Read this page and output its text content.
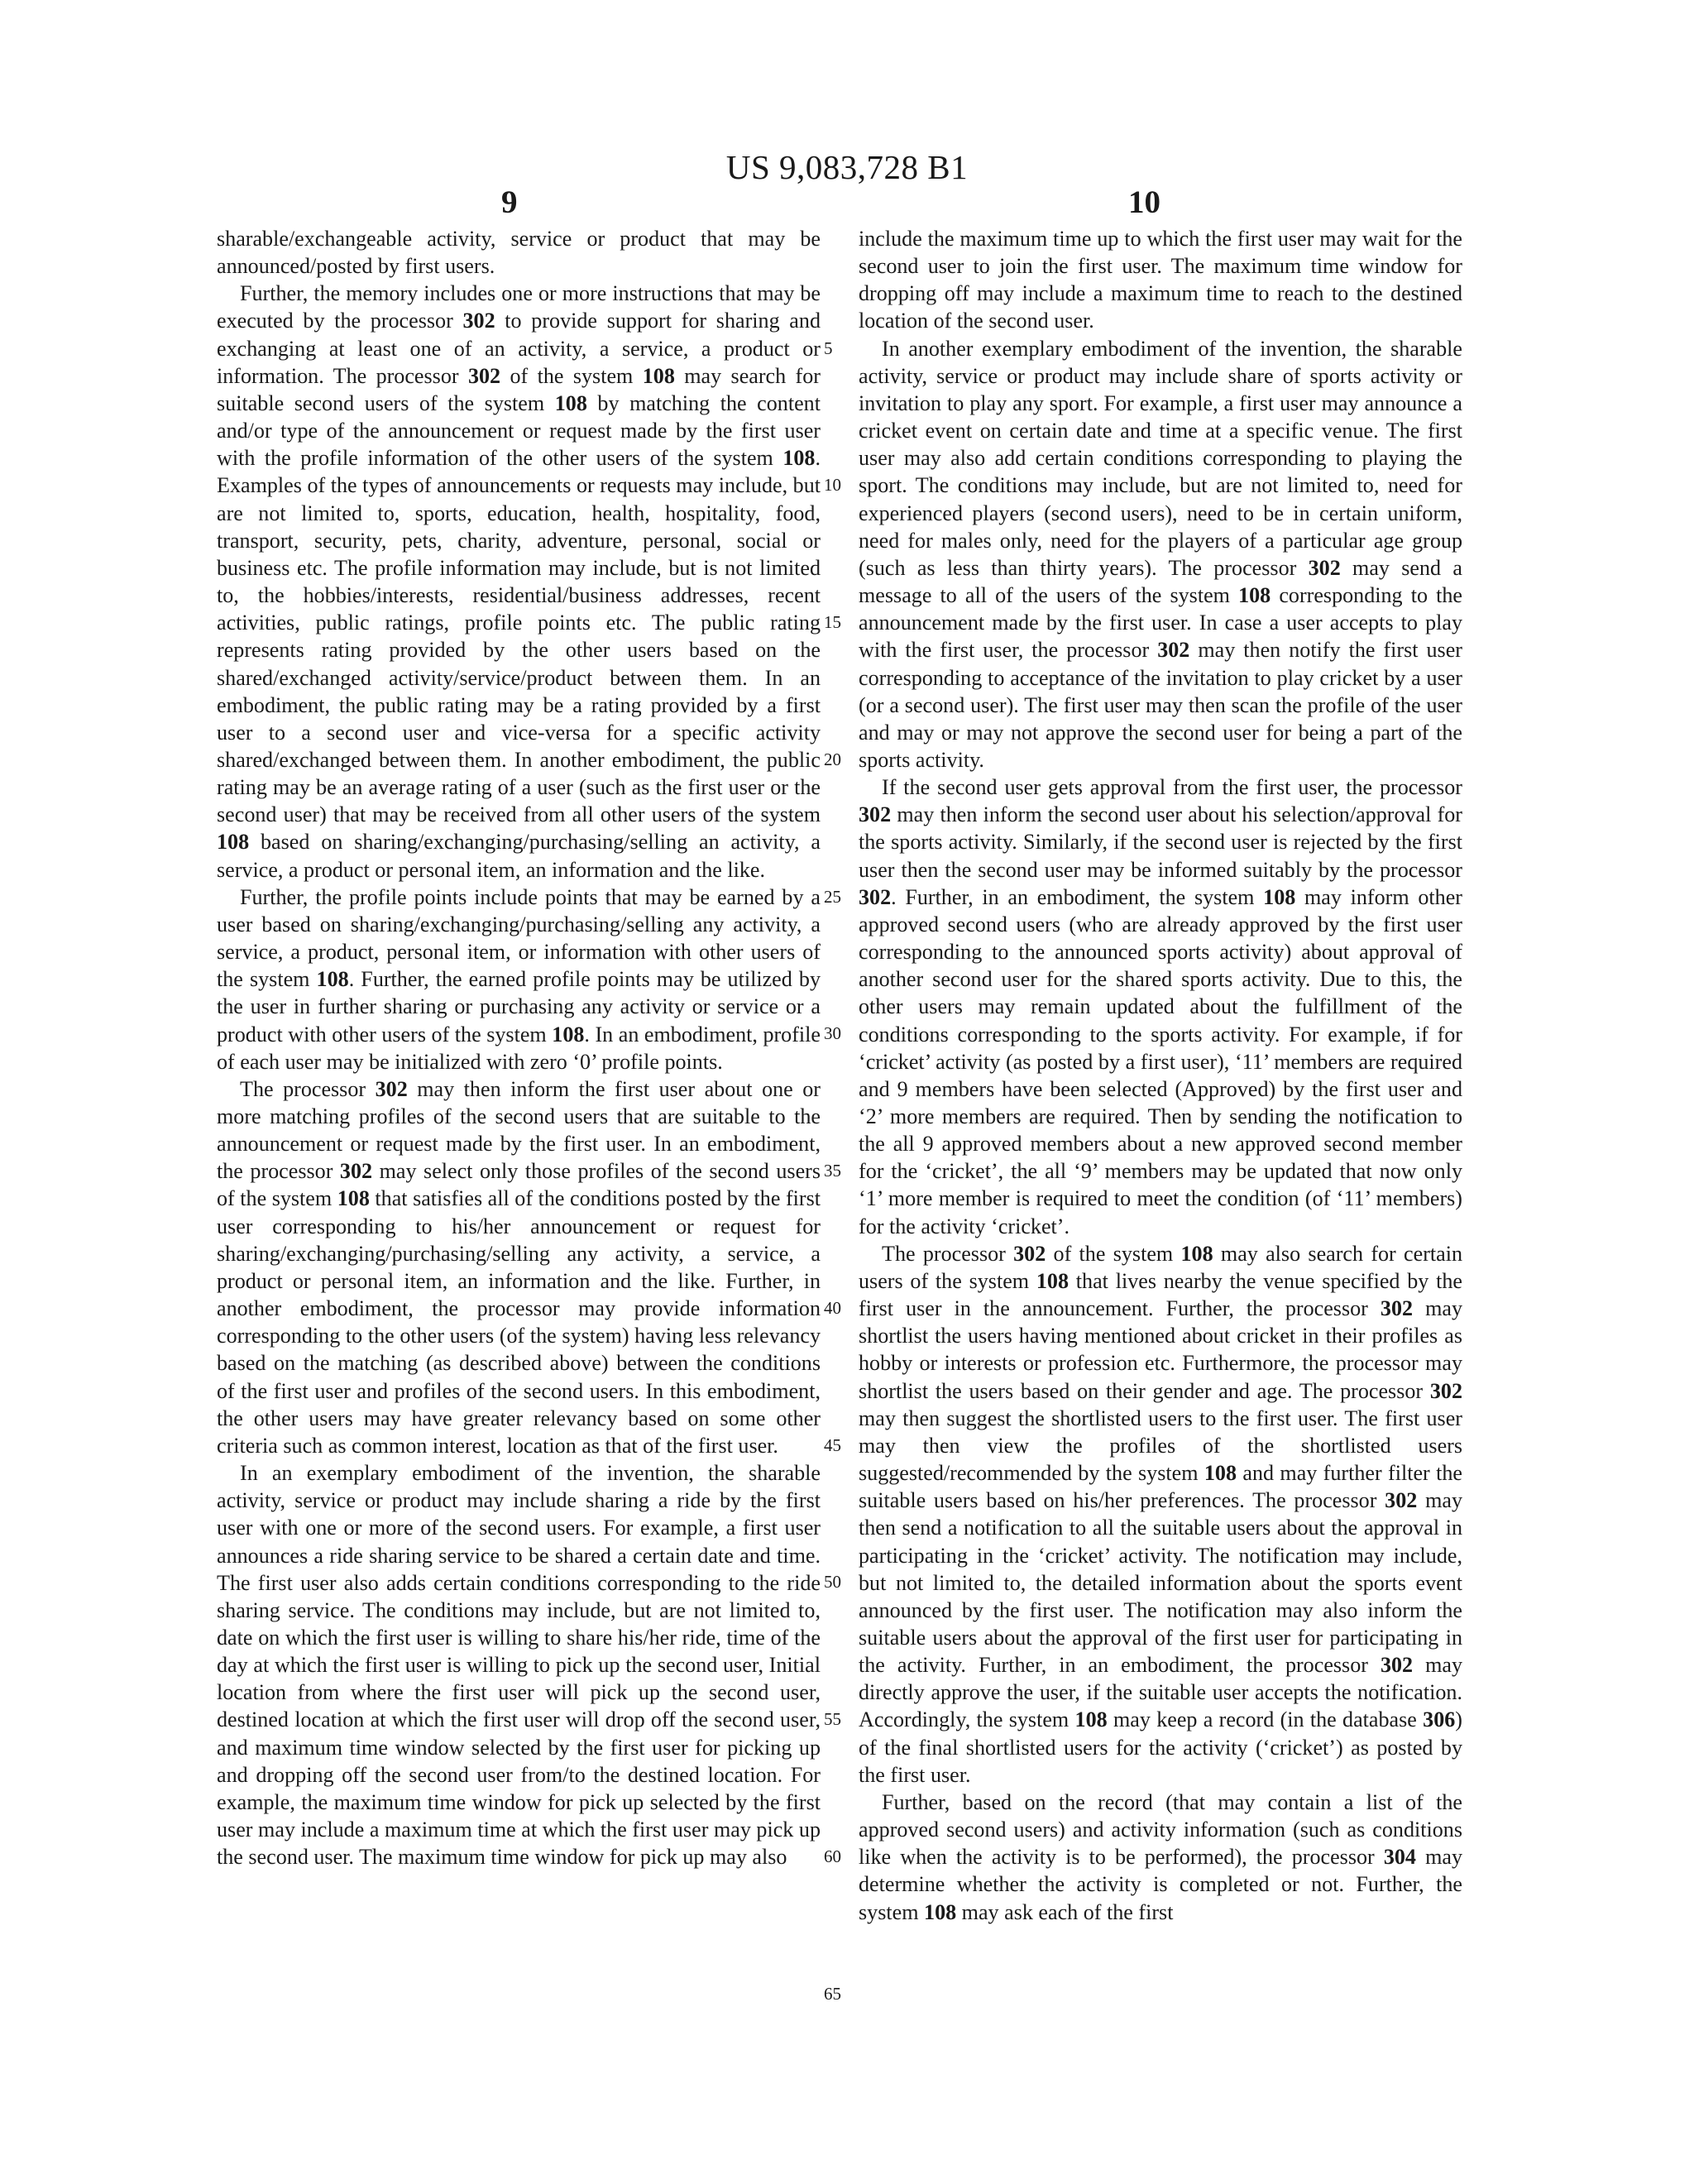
US 9,083,728 B1
9	10

sharable/exchangeable activity, service or product that may be announced/posted by first users.

Further, the memory includes one or more instructions that may be executed by the processor 302 to provide support for sharing and exchanging at least one of an activity, a service, a product or information. The processor 302 of the system 108 may search for suitable second users of the system 108 by matching the content and/or type of the announcement or request made by the first user with the profile information of the other users of the system 108. Examples of the types of announcements or requests may include, but are not limited to, sports, education, health, hospitality, food, transport, security, pets, charity, adventure, personal, social or business etc. The profile information may include, but is not limited to, the hobbies/interests, residential/business addresses, recent activities, public ratings, profile points etc. The public rating represents rating provided by the other users based on the shared/exchanged activity/service/product between them. In an embodiment, the public rating may be a rating provided by a first user to a second user and vice-versa for a specific activity shared/exchanged between them. In another embodiment, the public rating may be an average rating of a user (such as the first user or the second user) that may be received from all other users of the system 108 based on sharing/exchanging/purchasing/selling an activity, a service, a product or personal item, an information and the like.

Further, the profile points include points that may be earned by a user based on sharing/exchanging/purchasing/selling any activity, a service, a product, personal item, or information with other users of the system 108. Further, the earned profile points may be utilized by the user in further sharing or purchasing any activity or service or a product with other users of the system 108. In an embodiment, profile of each user may be initialized with zero ‘0’ profile points.

The processor 302 may then inform the first user about one or more matching profiles of the second users that are suitable to the announcement or request made by the first user. In an embodiment, the processor 302 may select only those profiles of the second users of the system 108 that satisfies all of the conditions posted by the first user corresponding to his/her announcement or request for sharing/exchanging/purchasing/selling any activity, a service, a product or personal item, an information and the like. Further, in another embodiment, the processor may provide information corresponding to the other users (of the system) having less relevancy based on the matching (as described above) between the conditions of the first user and profiles of the second users. In this embodiment, the other users may have greater relevancy based on some other criteria such as common interest, location as that of the first user.

In an exemplary embodiment of the invention, the sharable activity, service or product may include sharing a ride by the first user with one or more of the second users. For example, a first user announces a ride sharing service to be shared a certain date and time. The first user also adds certain conditions corresponding to the ride sharing service. The conditions may include, but are not limited to, date on which the first user is willing to share his/her ride, time of the day at which the first user is willing to pick up the second user, Initial location from where the first user will pick up the second user, destined location at which the first user will drop off the second user, and maximum time window selected by the first user for picking up and dropping off the second user from/to the destined location. For example, the maximum time window for pick up selected by the first user may include a maximum time at which the first user may pick up the second user. The maximum time window for pick up may also

include the maximum time up to which the first user may wait for the second user to join the first user. The maximum time window for dropping off may include a maximum time to reach to the destined location of the second user.

In another exemplary embodiment of the invention, the sharable activity, service or product may include share of sports activity or invitation to play any sport. For example, a first user may announce a cricket event on certain date and time at a specific venue. The first user may also add certain conditions corresponding to playing the sport. The conditions may include, but are not limited to, need for experienced players (second users), need to be in certain uniform, need for males only, need for the players of a particular age group (such as less than thirty years). The processor 302 may send a message to all of the users of the system 108 corresponding to the announcement made by the first user. In case a user accepts to play with the first user, the processor 302 may then notify the first user corresponding to acceptance of the invitation to play cricket by a user (or a second user). The first user may then scan the profile of the user and may or may not approve the second user for being a part of the sports activity.

If the second user gets approval from the first user, the processor 302 may then inform the second user about his selection/approval for the sports activity. Similarly, if the second user is rejected by the first user then the second user may be informed suitably by the processor 302. Further, in an embodiment, the system 108 may inform other approved second users (who are already approved by the first user corresponding to the announced sports activity) about approval of another second user for the shared sports activity. Due to this, the other users may remain updated about the fulfillment of the conditions corresponding to the sports activity. For example, if for ‘cricket’ activity (as posted by a first user), ‘11’ members are required and 9 members have been selected (Approved) by the first user and ‘2’ more members are required. Then by sending the notification to the all 9 approved members about a new approved second member for the ‘cricket’, the all ‘9’ members may be updated that now only ‘1’ more member is required to meet the condition (of ‘11’ members) for the activity ‘cricket’.

The processor 302 of the system 108 may also search for certain users of the system 108 that lives nearby the venue specified by the first user in the announcement. Further, the processor 302 may shortlist the users having mentioned about cricket in their profiles as hobby or interests or profession etc. Furthermore, the processor may shortlist the users based on their gender and age. The processor 302 may then suggest the shortlisted users to the first user. The first user may then view the profiles of the shortlisted users suggested/recommended by the system 108 and may further filter the suitable users based on his/her preferences. The processor 302 may then send a notification to all the suitable users about the approval in participating in the ‘cricket’ activity. The notification may include, but not limited to, the detailed information about the sports event announced by the first user. The notification may also inform the suitable users about the approval of the first user for participating in the activity. Further, in an embodiment, the processor 302 may directly approve the user, if the suitable user accepts the notification. Accordingly, the system 108 may keep a record (in the database 306) of the final shortlisted users for the activity (‘cricket’) as posted by the first user.

Further, based on the record (that may contain a list of the approved second users) and activity information (such as conditions like when the activity is to be performed), the processor 304 may determine whether the activity is completed or not. Further, the system 108 may ask each of the first

5
10
15
20
25
30
35
40
45
50
55
60
65
